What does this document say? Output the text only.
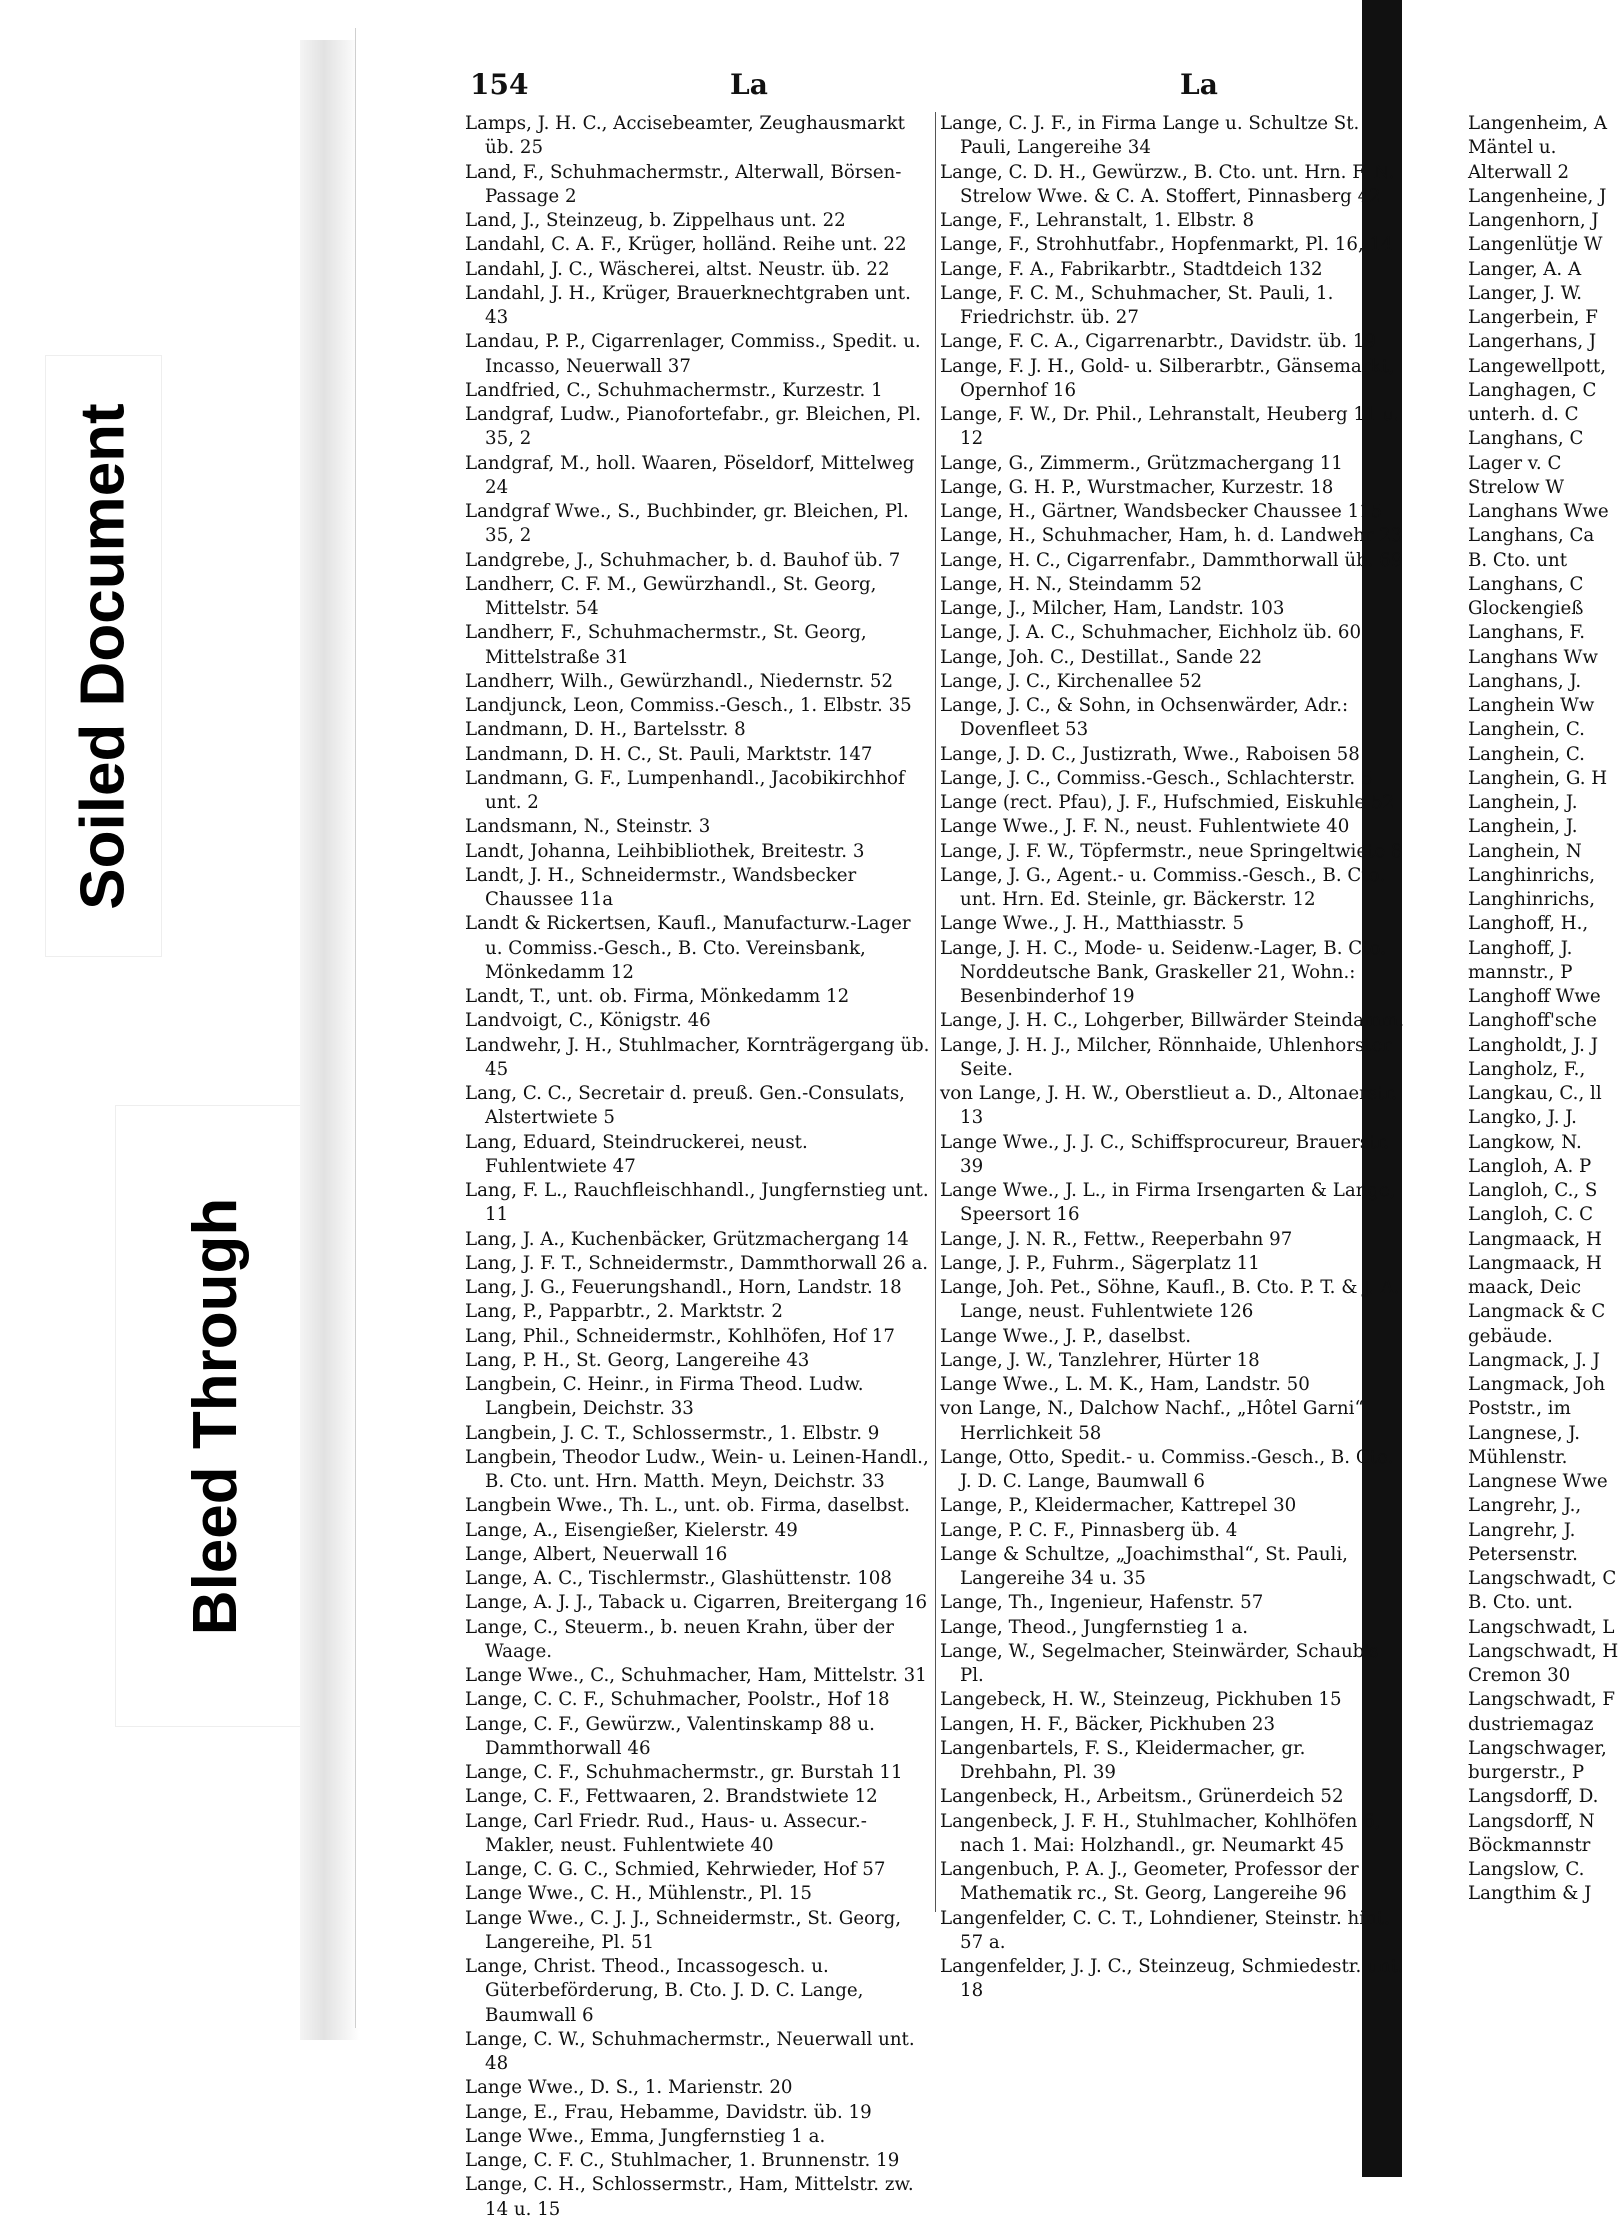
Soiled Document
Bleed Through
154	La	La
Lamps, J. H. C., Accisebeamter, Zeughausmarkt üb. 25
Land, F., Schuhmachermstr., Alterwall, Börsen-Passage 2
Land, J., Steinzeug, b. Zippelhaus unt. 22
Landahl, C. A. F., Krüger, holländ. Reihe unt. 22
Landahl, J. C., Wäscherei, altst. Neustr. üb. 22
Landahl, J. H., Krüger, Brauerknechtgraben unt. 43
Landau, P. P., Cigarrenlager, Commiss., Spedit. u. Incasso, Neuerwall 37
Landfried, C., Schuhmachermstr., Kurzestr. 1
Landgraf, Ludw., Pianofortefabr., gr. Bleichen, Pl. 35, 2
Landgraf, M., holl. Waaren, Pöseldorf, Mittelweg 24
Landgraf Wwe., S., Buchbinder, gr. Bleichen, Pl. 35, 2
Landgrebe, J., Schuhmacher, b. d. Bauhof üb. 7
Landherr, C. F. M., Gewürzhandl., St. Georg, Mittelstr. 54
Landherr, F., Schuhmachermstr., St. Georg, Mittelstraße 31
Landherr, Wilh., Gewürzhandl., Niedernstr. 52
Landjunck, Leon, Commiss.-Gesch., 1. Elbstr. 35
Landmann, D. H., Bartelsstr. 8
Landmann, D. H. C., St. Pauli, Marktstr. 147
Landmann, G. F., Lumpenhandl., Jacobikirchhof unt. 2
Landsmann, N., Steinstr. 3
Landt, Johanna, Leihbibliothek, Breitestr. 3
Landt, J. H., Schneidermstr., Wandsbecker Chaussee 11a
Landt & Rickertsen, Kaufl., Manufacturw.-Lager u. Commiss.-Gesch., B. Cto. Vereinsbank, Mönkedamm 12
Landt, T., unt. ob. Firma, Mönkedamm 12
Landvoigt, C., Königstr. 46
Landwehr, J. H., Stuhlmacher, Kornträgergang üb. 45
Lang, C. C., Secretair d. preuß. Gen.-Consulats, Alstertwiete 5
Lang, Eduard, Steindruckerei, neust. Fuhlentwiete 47
Lang, F. L., Rauchfleischhandl., Jungfernstieg unt. 11
Lang, J. A., Kuchenbäcker, Grützmachergang 14
Lang, J. F. T., Schneidermstr., Dammthorwall 26 a.
Lang, J. G., Feuerungshandl., Horn, Landstr. 18
Lang, P., Papparbtr., 2. Marktstr. 2
Lang, Phil., Schneidermstr., Kohlhöfen, Hof 17
Lang, P. H., St. Georg, Langereihe 43
Langbein, C. Heinr., in Firma Theod. Ludw. Langbein, Deichstr. 33
Langbein, J. C. T., Schlossermstr., 1. Elbstr. 9
Langbein, Theodor Ludw., Wein- u. Leinen-Handl., B. Cto. unt. Hrn. Matth. Meyn, Deichstr. 33
Langbein Wwe., Th. L., unt. ob. Firma, daselbst.
Lange, A., Eisengießer, Kielerstr. 49
Lange, Albert, Neuerwall 16
Lange, A. C., Tischlermstr., Glashüttenstr. 108
Lange, A. J. J., Taback u. Cigarren, Breitergang 16
Lange, C., Steuerm., b. neuen Krahn, über der Waage.
Lange Wwe., C., Schuhmacher, Ham, Mittelstr. 31
Lange, C. C. F., Schuhmacher, Poolstr., Hof 18
Lange, C. F., Gewürzw., Valentinskamp 88 u. Dammthorwall 46
Lange, C. F., Schuhmachermstr., gr. Burstah 11
Lange, C. F., Fettwaaren, 2. Brandstwiete 12
Lange, Carl Friedr. Rud., Haus- u. Assecur.-Makler, neust. Fuhlentwiete 40
Lange, C. G. C., Schmied, Kehrwieder, Hof 57
Lange Wwe., C. H., Mühlenstr., Pl. 15
Lange Wwe., C. J. J., Schneidermstr., St. Georg, Langereihe, Pl. 51
Lange, Christ. Theod., Incassogesch. u. Güterbeförderung, B. Cto. J. D. C. Lange, Baumwall 6
Lange, C. W., Schuhmachermstr., Neuerwall unt. 48
Lange Wwe., D. S., 1. Marienstr. 20
Lange, E., Frau, Hebamme, Davidstr. üb. 19
Lange Wwe., Emma, Jungfernstieg 1 a.
Lange, C. F. C., Stuhlmacher, 1. Brunnenstr. 19
Lange, C. H., Schlossermstr., Ham, Mittelstr. zw. 14 u. 15
Lange, C. J. F., in Firma Lange u. Schultze St. Pauli, Langereihe 34
Lange, C. D. H., Gewürzw., B. Cto. unt. Hrn. F. N. Strelow Wwe. & C. A. Stoffert, Pinnasberg 42
Lange, F., Lehranstalt, 1. Elbstr. 8
Lange, F., Strohhutfabr., Hopfenmarkt, Pl. 16, 14
Lange, F. A., Fabrikarbtr., Stadtdeich 132
Lange, F. C. M., Schuhmacher, St. Pauli, 1. Friedrichstr. üb. 27
Lange, F. C. A., Cigarrenarbtr., Davidstr. üb. 19
Lange, F. J. H., Gold- u. Silberarbtr., Gänsemarkt, Opernhof 16
Lange, F. W., Dr. Phil., Lehranstalt, Heuberg 11 u. 12
Lange, G., Zimmerm., Grützmachergang 11
Lange, G. H. P., Wurstmacher, Kurzestr. 18
Lange, H., Gärtner, Wandsbecker Chaussee 115
Lange, H., Schuhmacher, Ham, h. d. Landwehr 23
Lange, H. C., Cigarrenfabr., Dammthorwall üb. 69
Lange, H. N., Steindamm 52
Lange, J., Milcher, Ham, Landstr. 103
Lange, J. A. C., Schuhmacher, Eichholz üb. 60
Lange, Joh. C., Destillat., Sande 22
Lange, J. C., Kirchenallee 52
Lange, J. C., & Sohn, in Ochsenwärder, Adr.: Dovenfleet 53
Lange, J. D. C., Justizrath, Wwe., Raboisen 58
Lange, J. C., Commiss.-Gesch., Schlachterstr. 5
Lange (rect. Pfau), J. F., Hufschmied, Eiskuhle 52
Lange Wwe., J. F. N., neust. Fuhlentwiete 40
Lange, J. F. W., Töpfermstr., neue Springeltwiete 8
Lange, J. G., Agent.- u. Commiss.-Gesch., B. Cto. unt. Hrn. Ed. Steinle, gr. Bäckerstr. 12
Lange Wwe., J. H., Matthiasstr. 5
Lange, J. H. C., Mode- u. Seidenw.-Lager, B. Cto. Norddeutsche Bank, Graskeller 21, Wohn.: Besenbinderhof 19
Lange, J. H. C., Lohgerber, Billwärder Steindamm.
Lange, J. H. J., Milcher, Rönnhaide, Uhlenhorster Seite.
von Lange, J. H. W., Oberstlieut a. D., Altonaerstr. 13
Lange Wwe., J. J. C., Schiffsprocureur, Brauerstr. 39
Lange Wwe., J. L., in Firma Irsengarten & Lange, Speersort 16
Lange, J. N. R., Fettw., Reeperbahn 97
Lange, J. P., Fuhrm., Sägerplatz 11
Lange, Joh. Pet., Söhne, Kaufl., B. Cto. P. T. & J. A. Lange, neust. Fuhlentwiete 126
Lange Wwe., J. P., daselbst.
Lange, J. W., Tanzlehrer, Hürter 18
Lange Wwe., L. M. K., Ham, Landstr. 50
von Lange, N., Dalchow Nachf., „Hôtel Garni“, Herrlichkeit 58
Lange, Otto, Spedit.- u. Commiss.-Gesch., B. Cto. J. D. C. Lange, Baumwall 6
Lange, P., Kleidermacher, Kattrepel 30
Lange, P. C. F., Pinnasberg üb. 4
Lange & Schultze, „Joachimsthal“, St. Pauli, Langereihe 34 u. 35
Lange, Th., Ingenieur, Hafenstr. 57
Lange, Theod., Jungfernstieg 1 a.
Lange, W., Segelmacher, Steinwärder, Schaub's Pl.
Langebeck, H. W., Steinzeug, Pickhuben 15
Langen, H. F., Bäcker, Pickhuben 23
Langenbartels, F. S., Kleidermacher, gr. Drehbahn, Pl. 39
Langenbeck, H., Arbeitsm., Grünerdeich 52
Langenbeck, J. F. H., Stuhlmacher, Kohlhöfen 6, nach 1. Mai: Holzhandl., gr. Neumarkt 45
Langenbuch, P. A. J., Geometer, Professor der Mathematik rc., St. Georg, Langereihe 96
Langenfelder, C. C. T., Lohndiener, Steinstr. hint. 57 a.
Langenfelder, J. J. C., Steinzeug, Schmiedestr. unt. 18
Langenheim, A
Mäntel u.
Alterwall 2
Langenheine, J
Langenhorn, J
Langenlütje W
Langer, A. A
Langer, J. W.
Langerbein, F
Langerhans, J
Langewellpott,
Langhagen, C
unterh. d. C
Langhans, C
Lager v. C
Strelow W
Langhans Wwe
Langhans, Ca
B. Cto. unt
Langhans, C
Glockengieß
Langhans, F.
Langhans Ww
Langhans, J.
Langhein Ww
Langhein, C.
Langhein, C.
Langhein, G. H
Langhein, J.
Langhein, J.
Langhein, N
Langhinrichs,
Langhinrichs,
Langhoff, H.,
Langhoff, J.
mannstr., P
Langhoff Wwe
Langhoff'sche
Langholdt, J. J
Langholz, F.,
Langkau, C., ll
Langko, J. J.
Langkow, N.
Langloh, A. P
Langloh, C., S
Langloh, C. C
Langmaack, H
Langmaack, H
maack, Deic
Langmack & C
gebäude.
Langmack, J. J
Langmack, Joh
Poststr., im
Langnese, J.
Mühlenstr.
Langnese Wwe
Langrehr, J.,
Langrehr, J.
Petersenstr.
Langschwadt, C
B. Cto. unt.
Langschwadt, L
Langschwadt, H
Cremon 30
Langschwadt, F
dustriemagaz
Langschwager,
burgerstr., P
Langsdorff, D.
Langsdorff, N
Böckmannstr
Langslow, C.
Langthim & J
